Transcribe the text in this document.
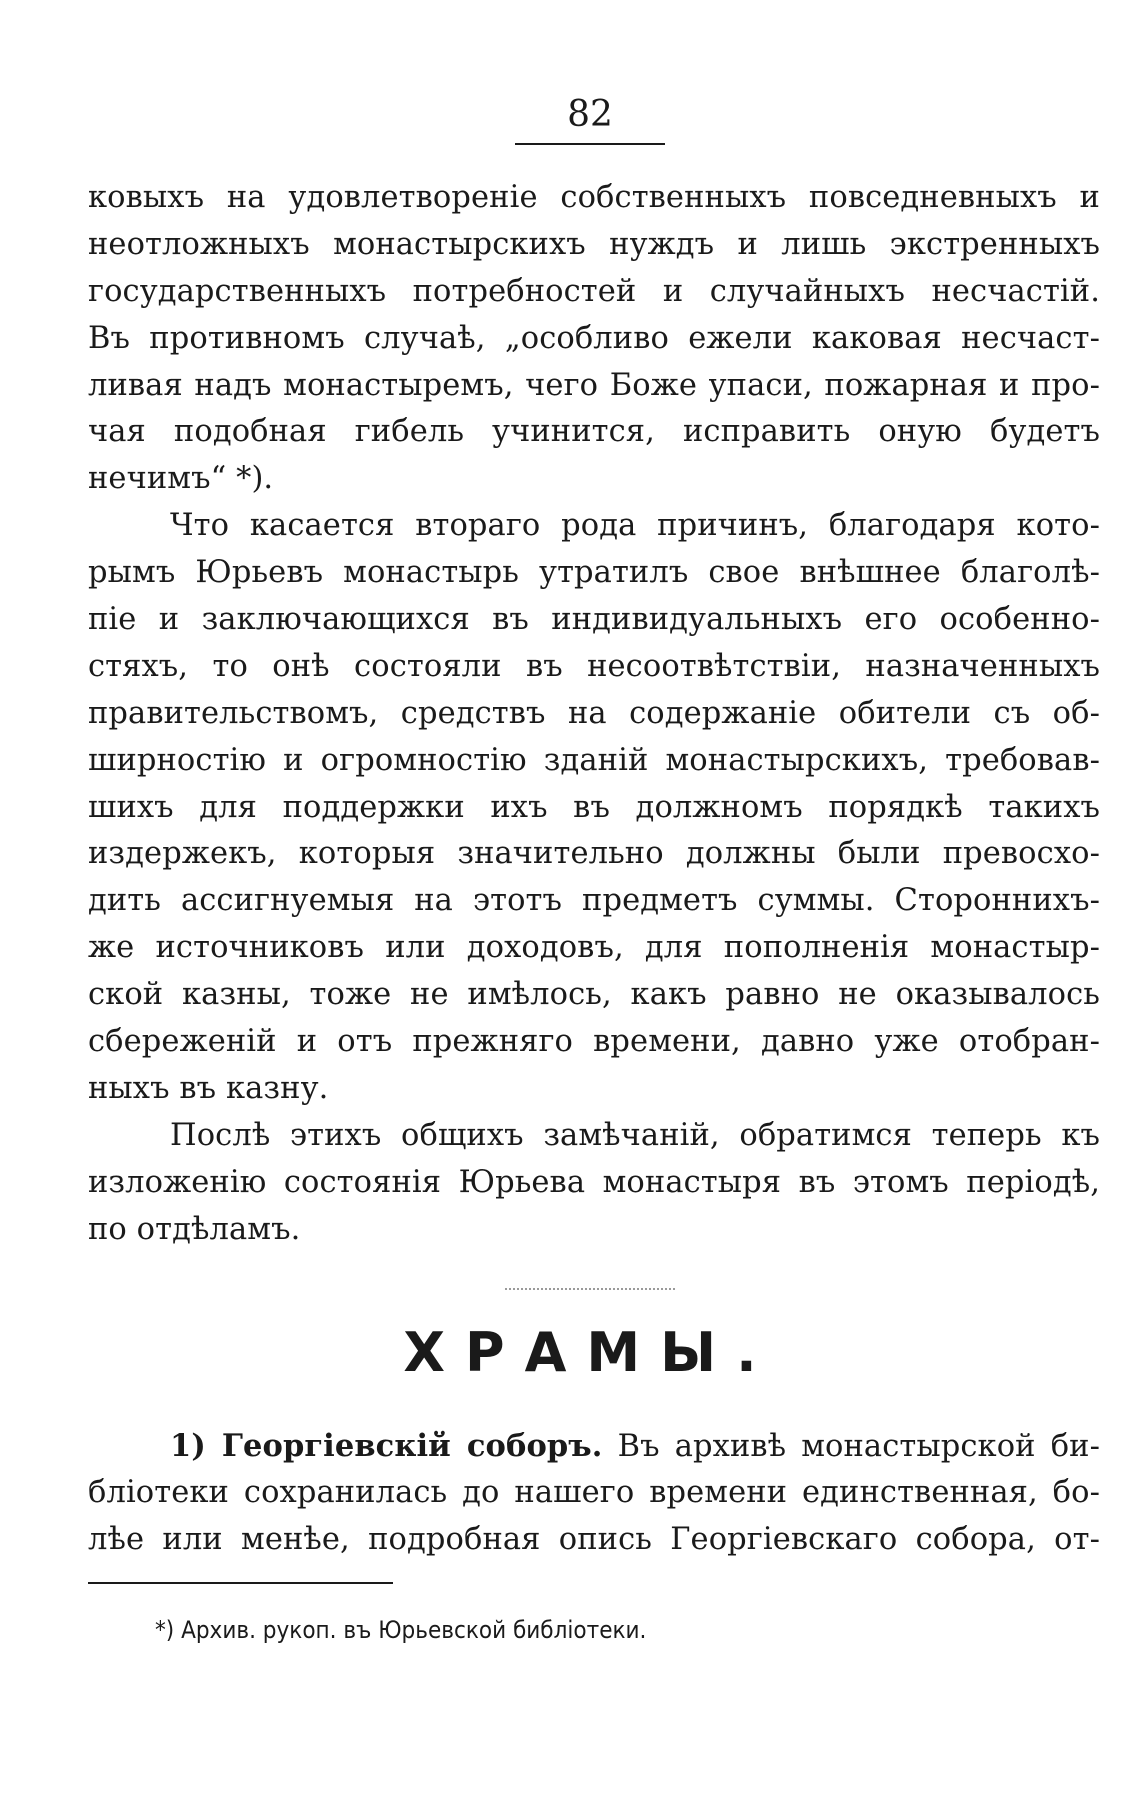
82
ковыхъ на удовлетворенiе собственныхъ повседневныхъ и
неотложныхъ монастырскихъ нуждъ и лишь экстренныхъ
государственныхъ потребностей и случайныхъ несчастiй.
Въ противномъ случаѣ, „особливо ежели каковая несчаст-
ливая надъ монастыремъ, чего Боже упаси, пожарная и про-
чая подобная гибель учинится, исправить оную будетъ
нечимъ“ *).
Что касается втораго рода причинъ, благодаря кото-
рымъ Юрьевъ монастырь утратилъ свое внѣшнее благолѣ-
пiе и заключающихся въ индивидуальныхъ его особенно-
стяхъ, то онѣ состояли въ несоотвѣтствiи, назначенныхъ
правительствомъ, средствъ на содержанiе обители съ об-
ширностiю и огромностiю зданiй монастырскихъ, требовав-
шихъ для поддержки ихъ въ должномъ порядкѣ такихъ
издержекъ, которыя значительно должны были превосхо-
дить ассигнуемыя на этотъ предметъ суммы. Стороннихъ-
же источниковъ или доходовъ, для пополненiя монастыр-
ской казны, тоже не имѣлось, какъ равно не оказывалось
сбереженiй и отъ прежняго времени, давно уже отобран-
ныхъ въ казну.
Послѣ этихъ общихъ замѣчанiй, обратимся теперь къ
изложенiю состоянiя Юрьева монастыря въ этомъ перiодѣ,
по отдѣламъ.
ХРАМЫ.
1) Георгiевскiй соборъ. Въ архивѣ монастырской би-
блiотеки сохранилась до нашего времени единственная, бо-
лѣе или менѣе, подробная опись Георгiевскаго собора, от-
*) Архив. рукоп. въ Юрьевской библiотеки.
